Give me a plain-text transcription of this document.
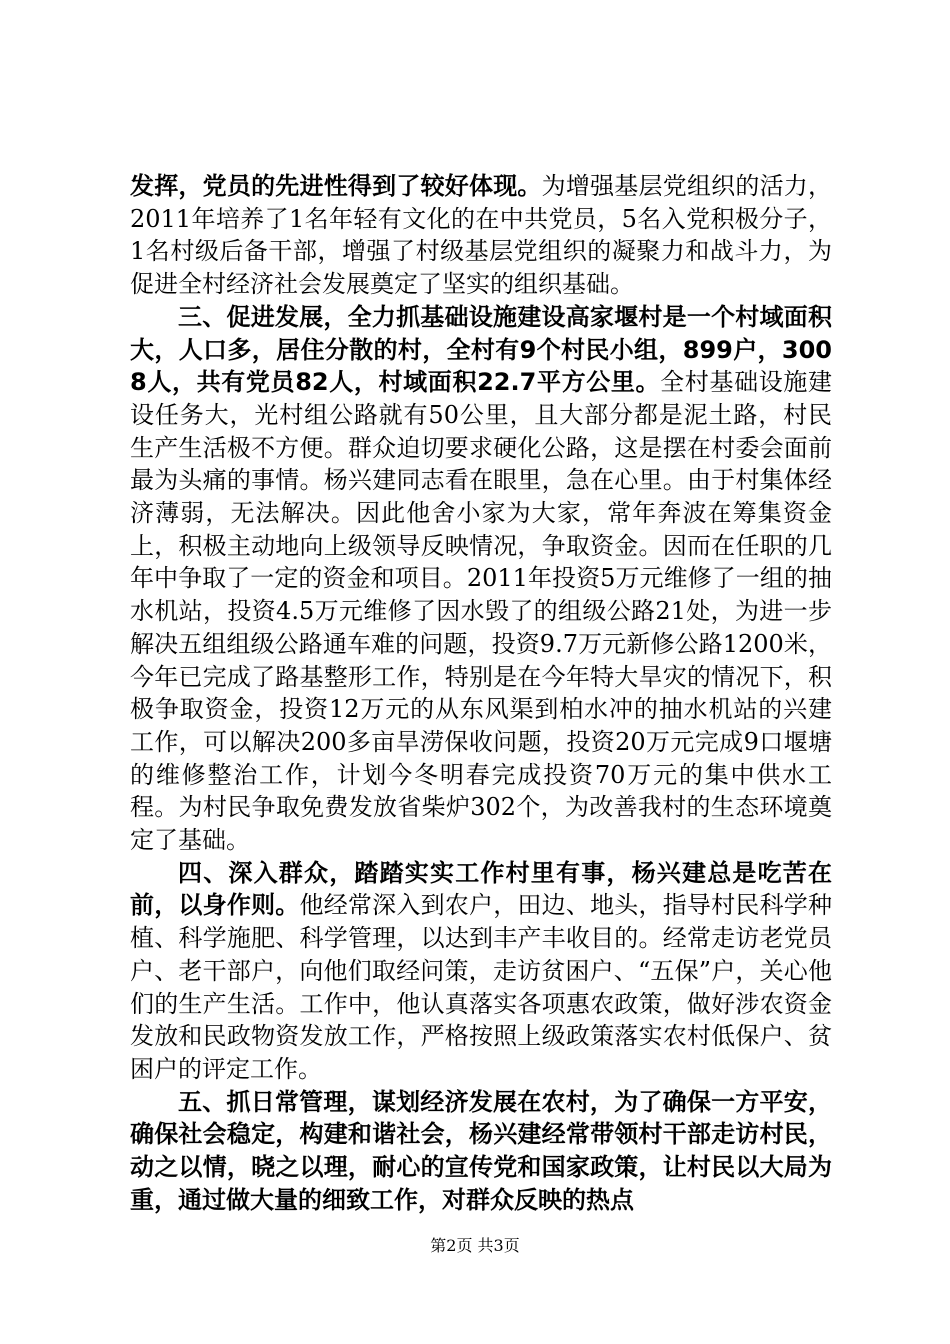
发挥，党员的先进性得到了较好体现。为增强基层党组织的活力，2011年培养了1名年轻有文化的在中共党员，5名入党积极分子，1名村级后备干部，增强了村级基层党组织的凝聚力和战斗力，为促进全村经济社会发展奠定了坚实的组织基础。

三、促进发展，全力抓基础设施建设高家堰村是一个村域面积大，人口多，居住分散的村，全村有9个村民小组，899户，3008人，共有党员82人，村域面积22.7平方公里。全村基础设施建设任务大，光村组公路就有50公里，且大部分都是泥土路，村民生产生活极不方便。群众迫切要求硬化公路，这是摆在村委会面前最为头痛的事情。杨兴建同志看在眼里，急在心里。由于村集体经济薄弱，无法解决。因此他舍小家为大家，常年奔波在筹集资金上，积极主动地向上级领导反映情况，争取资金。因而在任职的几年中争取了一定的资金和项目。2011年投资5万元维修了一组的抽水机站，投资4.5万元维修了因水毁了的组级公路21处，为进一步解决五组组级公路通车难的问题，投资9.7万元新修公路1200米，今年已完成了路基整形工作，特别是在今年特大旱灾的情况下，积极争取资金，投资12万元的从东风渠到柏水冲的抽水机站的兴建工作，可以解决200多亩旱涝保收问题，投资20万元完成9口堰塘的维修整治工作，计划今冬明春完成投资70万元的集中供水工程。为村民争取免费发放省柴炉302个，为改善我村的生态环境奠定了基础。

四、深入群众，踏踏实实工作村里有事，杨兴建总是吃苦在前，以身作则。他经常深入到农户，田边、地头，指导村民科学种植、科学施肥、科学管理，以达到丰产丰收目的。经常走访老党员户、老干部户，向他们取经问策，走访贫困户、“五保”户，关心他们的生产生活。工作中，他认真落实各项惠农政策，做好涉农资金发放和民政物资发放工作，严格按照上级政策落实农村低保户、贫困户的评定工作。

五、抓日常管理，谋划经济发展在农村，为了确保一方平安，确保社会稳定，构建和谐社会，杨兴建经常带领村干部走访村民，动之以情，晓之以理，耐心的宣传党和国家政策，让村民以大局为重，通过做大量的细致工作，对群众反映的热点

第2页 共3页
